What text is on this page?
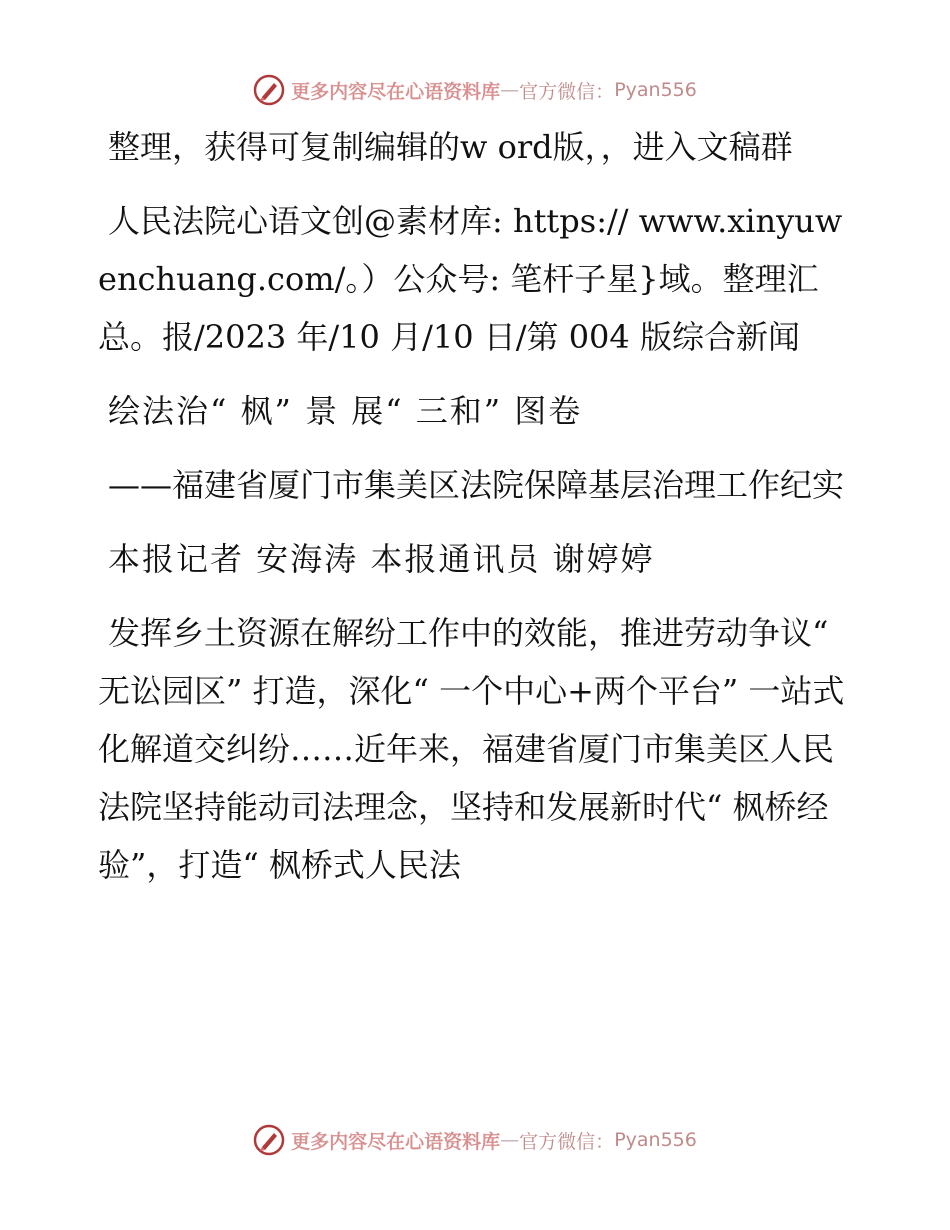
更多内容尽在心语资料库 — 官方微信： Pyan556

整理，获得可复制编辑的w ord版，，进入文稿群

人民法院心语文创@素材库: https:// www.xinyuwenchuang.com/。）公众号: 笔杆子星}域。整理汇总。报/2023 年/10 月/10 日/第 004 版综合新闻

绘法治“ 枫” 景 展“ 三和” 图卷

——福建省厦门市集美区法院保障基层治理工作纪实

本报记者 安海涛 本报通讯员 谢婷婷

发挥乡土资源在解纷工作中的效能，推进劳动争议“ 无讼园区” 打造，深化“ 一个中心+两个平台” 一站式化解道交纠纷……近年来，福建省厦门市集美区人民法院坚持能动司法理念，坚持和发展新时代“ 枫桥经验”，打造“ 枫桥式人民法

更多内容尽在心语资料库 — 官方微信： Pyan556
